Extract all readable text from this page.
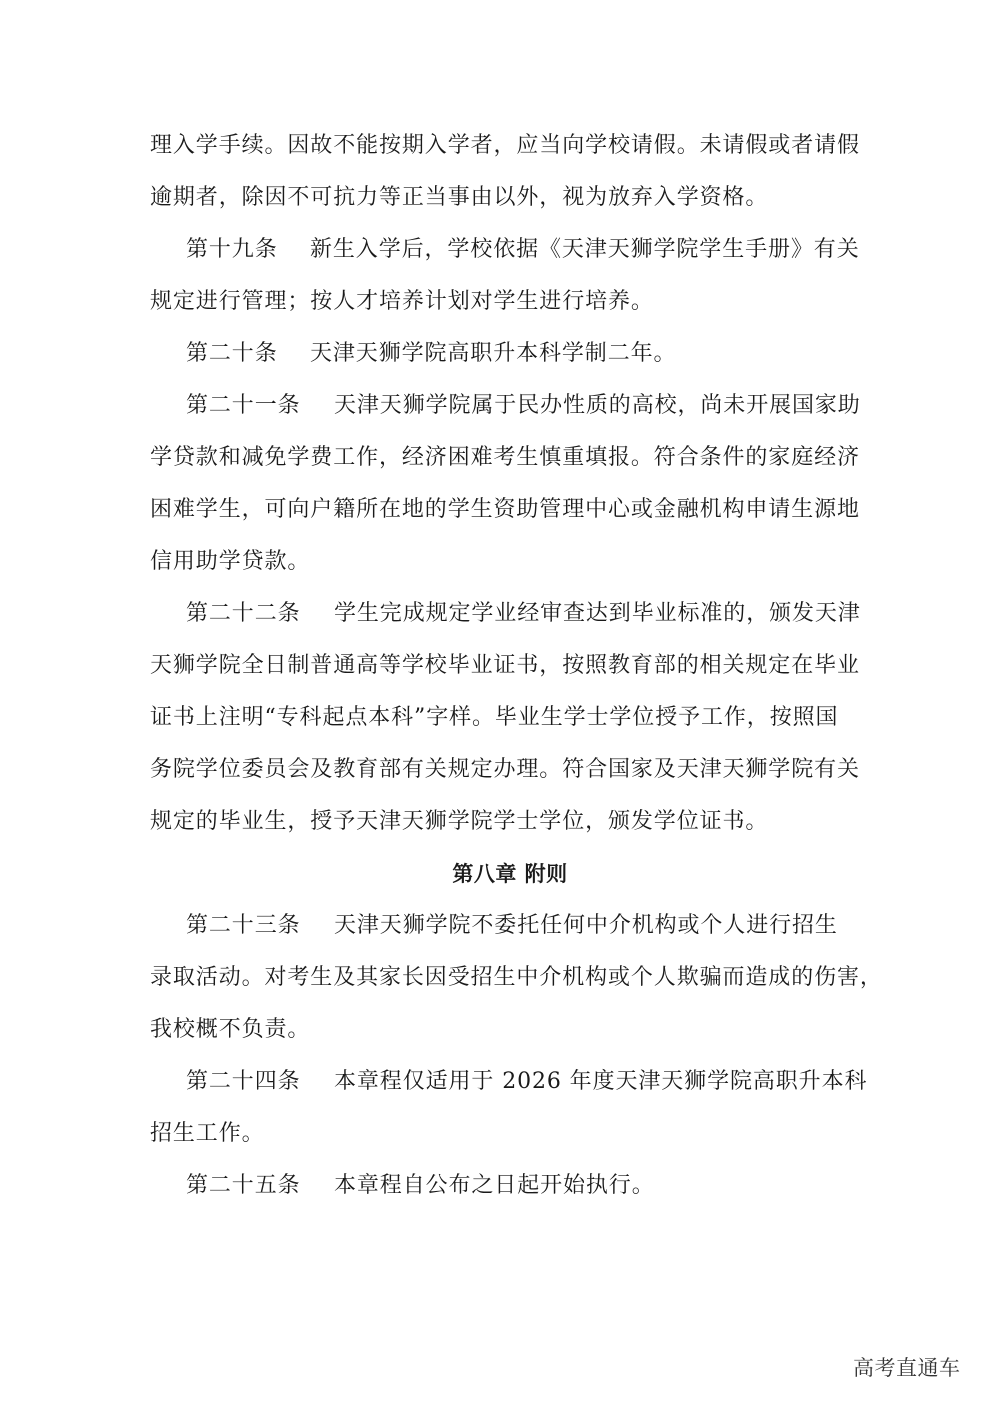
理入学手续。因故不能按期入学者，应当向学校请假。未请假或者请假
逾期者，除因不可抗力等正当事由以外，视为放弃入学资格。
第十九条 新生入学后，学校依据《天津天狮学院学生手册》有关
规定进行管理；按人才培养计划对学生进行培养。
第二十条 天津天狮学院高职升本科学制二年。
第二十一条 天津天狮学院属于民办性质的高校，尚未开展国家助
学贷款和减免学费工作，经济困难考生慎重填报。符合条件的家庭经济
困难学生，可向户籍所在地的学生资助管理中心或金融机构申请生源地
信用助学贷款。
第二十二条 学生完成规定学业经审查达到毕业标准的，颁发天津
天狮学院全日制普通高等学校毕业证书，按照教育部的相关规定在毕业
证书上注明“专科起点本科”字样。毕业生学士学位授予工作，按照国
务院学位委员会及教育部有关规定办理。符合国家及天津天狮学院有关
规定的毕业生，授予天津天狮学院学士学位，颁发学位证书。
第八章 附则
第二十三条 天津天狮学院不委托任何中介机构或个人进行招生
录取活动。对考生及其家长因受招生中介机构或个人欺骗而造成的伤害，
我校概不负责。
第二十四条 本章程仅适用于 2026 年度天津天狮学院高职升本科
招生工作。
第二十五条 本章程自公布之日起开始执行。
高考直通车
